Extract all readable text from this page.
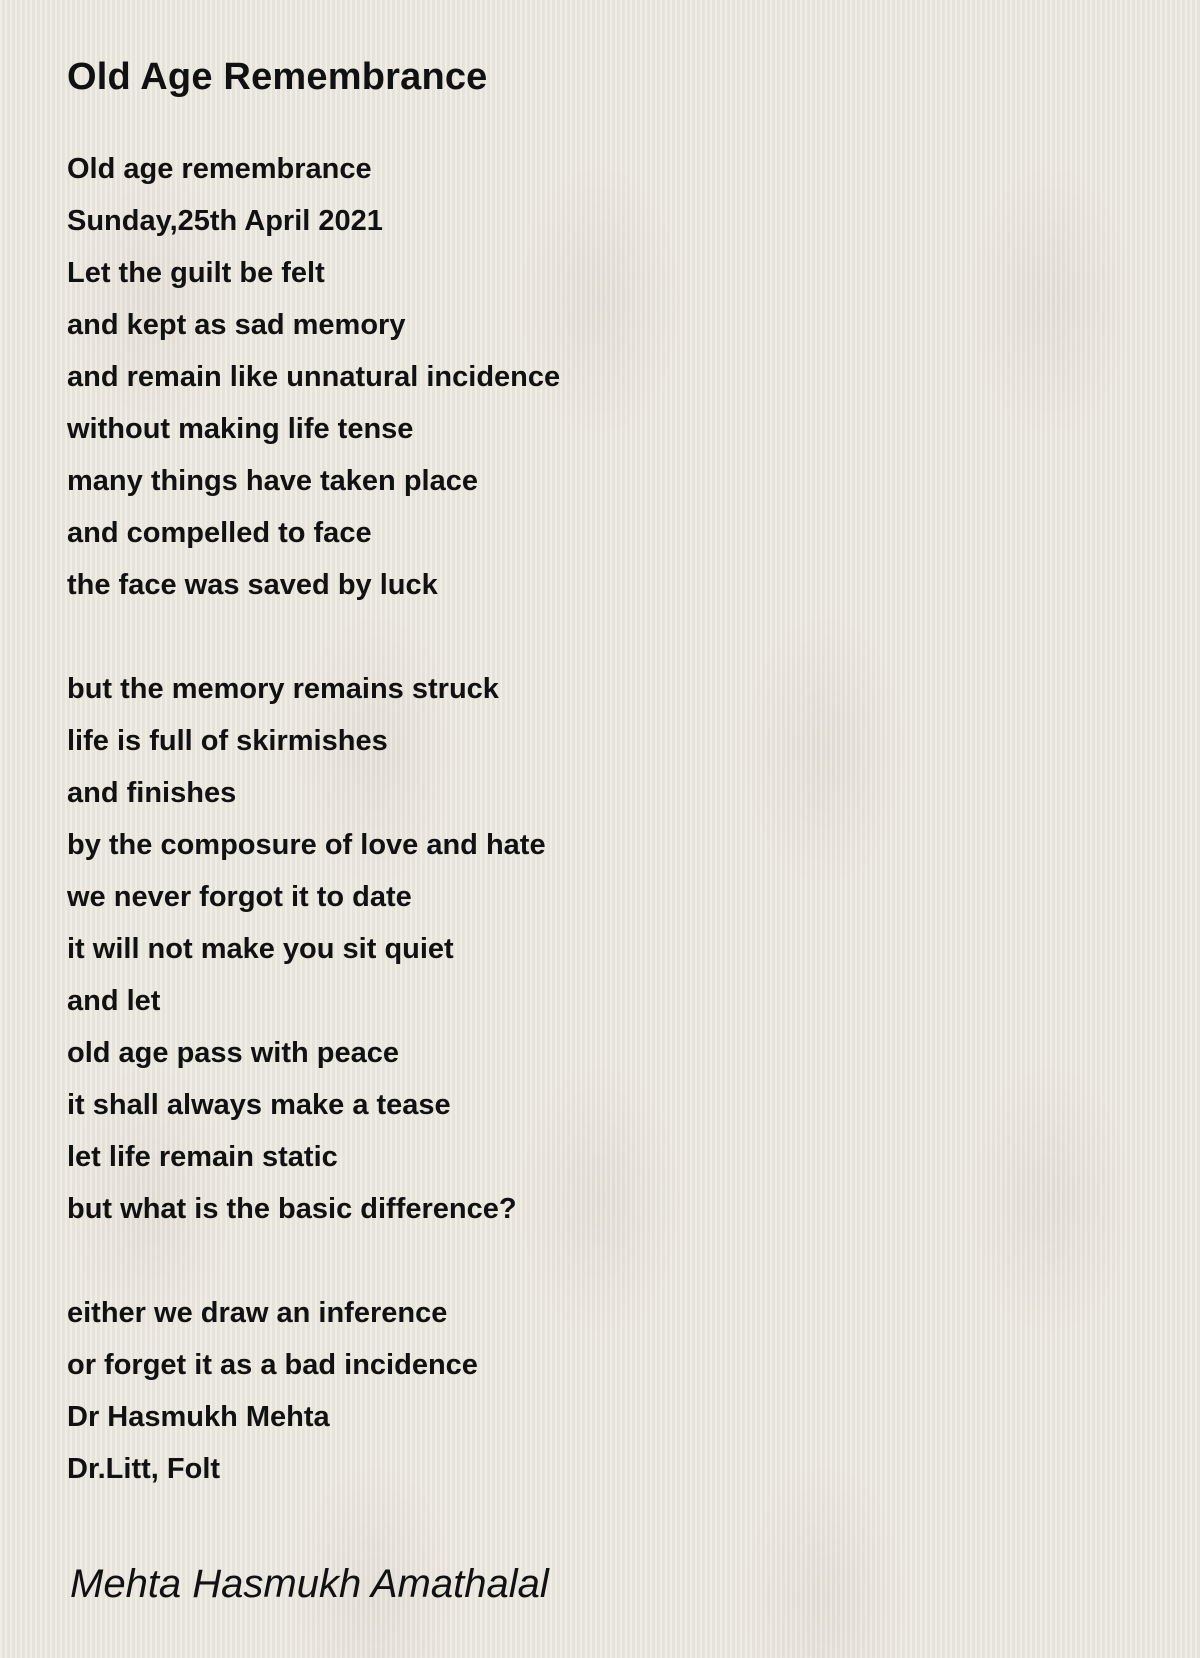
Old Age Remembrance
Old age remembrance
Sunday,25th April 2021
Let the guilt be felt
and kept as sad memory
and remain like unnatural incidence
without making life tense
many things have taken place
and compelled to face
the face was saved by luck
but the memory remains struck
life is full of skirmishes
and finishes
by the composure of love and hate
we never forgot it to date
it will not make you sit quiet
and let
old age pass with peace
it shall always make a tease
let life remain static
but what is the basic difference?
either we draw an inference
or forget it as a bad incidence
Dr Hasmukh Mehta
Dr.Litt, Folt
Mehta Hasmukh Amathalal
